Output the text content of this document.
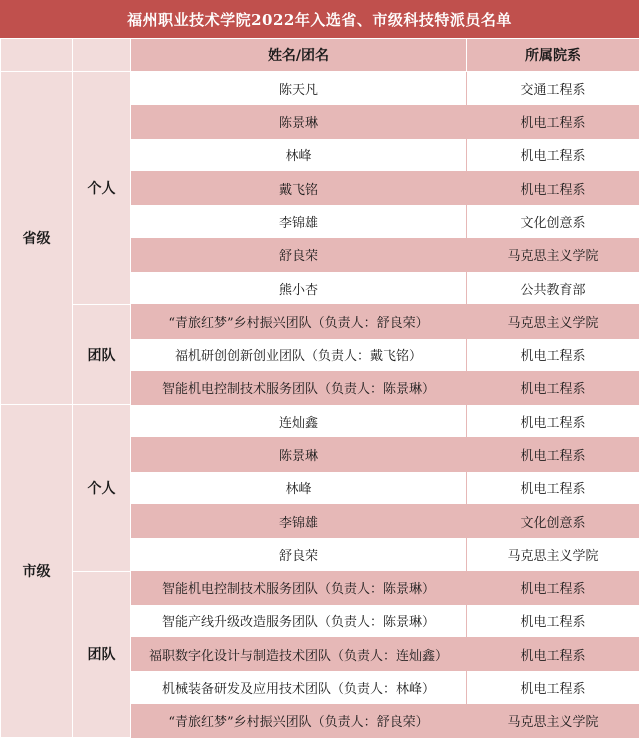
福州职业技术学院2022年入选省、市级科技特派员名单
		姓名/团名	所属院系
省级	个人	陈天凡	交通工程系
		陈景琳	机电工程系
		林峰	机电工程系
		戴飞铭	机电工程系
		李锦雄	文化创意系
		舒良荣	马克思主义学院
		熊小杏	公共教育部
	团队	“青旅红梦”乡村振兴团队（负责人：舒良荣）	马克思主义学院
		福机研创创新创业团队（负责人：戴飞铭）	机电工程系
		智能机电控制技术服务团队（负责人：陈景琳）	机电工程系
市级	个人	连灿鑫	机电工程系
		陈景琳	机电工程系
		林峰	机电工程系
		李锦雄	文化创意系
		舒良荣	马克思主义学院
	团队	智能机电控制技术服务团队（负责人：陈景琳）	机电工程系
		智能产线升级改造服务团队（负责人：陈景琳）	机电工程系
		福职数字化设计与制造技术团队（负责人：连灿鑫）	机电工程系
		机械装备研发及应用技术团队（负责人：林峰）	机电工程系
		“青旅红梦”乡村振兴团队（负责人：舒良荣）	马克思主义学院
